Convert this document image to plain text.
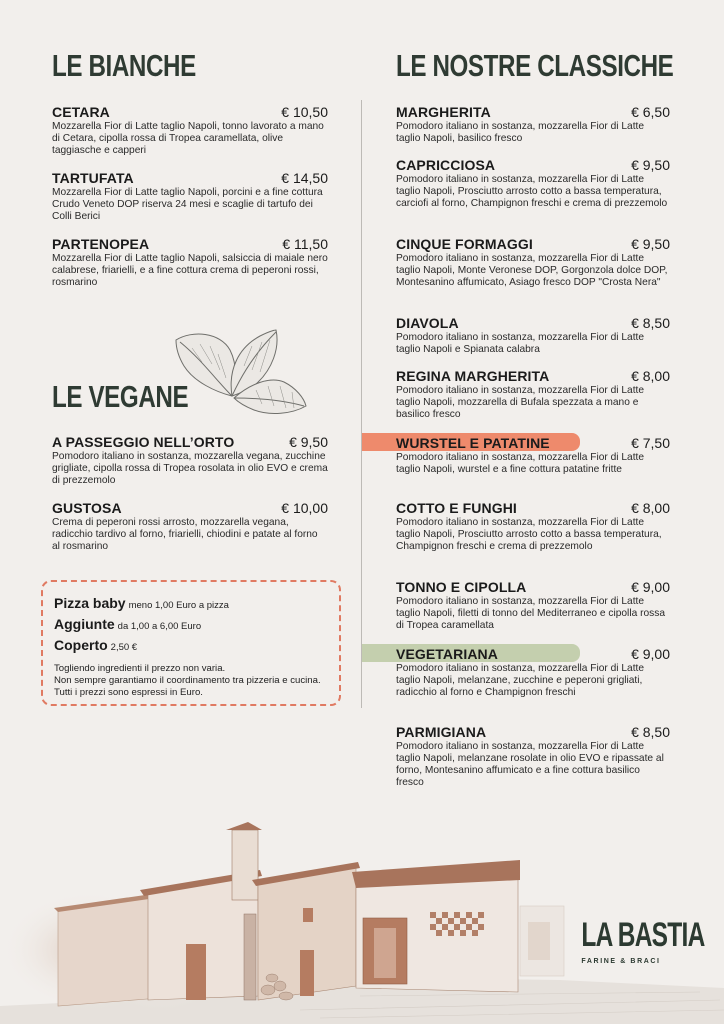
LE BIANCHE
CETARA	€ 10,50
Mozzarella Fior di Latte taglio Napoli, tonno lavorato a mano di Cetara, cipolla rossa di Tropea caramellata, olive taggiasche e capperi
TARTUFATA	€ 14,50
Mozzarella Fior di Latte taglio Napoli, porcini e a fine cottura Crudo Veneto DOP riserva 24 mesi e scaglie di tartufo dei Colli Berici
PARTENOPEA	€ 11,50
Mozzarella Fior di Latte taglio Napoli, salsiccia di maiale nero calabrese, friarielli, e a fine cottura crema di peperoni rossi, rosmarino
LE VEGANE
A PASSEGGIO NELL’ORTO	€ 9,50
Pomodoro italiano in sostanza, mozzarella vegana, zucchine grigliate, cipolla rossa di Tropea rosolata in olio EVO e crema di prezzemolo
GUSTOSA	€ 10,00
Crema di peperoni rossi arrosto, mozzarella vegana, radicchio tardivo al forno, friarielli, chiodini e patate al forno al rosmarino
Pizza baby meno 1,00 Euro a pizza
Aggiunte da 1,00 a 6,00 Euro
Coperto 2,50 €
Togliendo ingredienti il prezzo non varia.
Non sempre garantiamo il coordinamento tra pizzeria e cucina. Tutti i prezzi sono espressi in Euro.
LE NOSTRE CLASSICHE
MARGHERITA	€ 6,50
Pomodoro italiano in sostanza, mozzarella Fior di Latte taglio Napoli, basilico fresco
CAPRICCIOSA	€ 9,50
Pomodoro italiano in sostanza, mozzarella Fior di Latte taglio Napoli, Prosciutto arrosto cotto a bassa temperatura, carciofi al forno, Champignon freschi e crema di prezzemolo
CINQUE FORMAGGI	€ 9,50
Pomodoro italiano in sostanza, mozzarella Fior di Latte taglio Napoli, Monte Veronese DOP, Gorgonzola dolce DOP, Montesanino affumicato, Asiago fresco DOP "Crosta Nera"
DIAVOLA	€ 8,50
Pomodoro italiano in sostanza, mozzarella Fior di Latte taglio Napoli e Spianata calabra
REGINA MARGHERITA	€ 8,00
Pomodoro italiano in sostanza, mozzarella Fior di Latte taglio Napoli, mozzarella di Bufala spezzata a mano e basilico fresco
WURSTEL E PATATINE	€ 7,50
Pomodoro italiano in sostanza, mozzarella Fior di Latte taglio Napoli, wurstel e a fine cottura patatine fritte
COTTO E FUNGHI	€ 8,00
Pomodoro italiano in sostanza, mozzarella Fior di Latte taglio Napoli, Prosciutto arrosto cotto a bassa temperatura, Champignon freschi e crema di prezzemolo
TONNO E CIPOLLA	€ 9,00
Pomodoro italiano in sostanza, mozzarella Fior di Latte taglio Napoli, filetti di tonno del Mediterraneo e cipolla rossa di Tropea caramellata
VEGETARIANA	€ 9,00
Pomodoro italiano in sostanza, mozzarella Fior di Latte taglio Napoli, melanzane, zucchine e peperoni grigliati, radicchio al forno e Champignon freschi
PARMIGIANA	€ 8,50
Pomodoro italiano in sostanza, mozzarella Fior di Latte taglio Napoli, melanzane rosolate in olio EVO e ripassate al forno, Montesanino affumicato e a fine cottura basilico fresco
LA BASTIA
FARINE & BRACI
